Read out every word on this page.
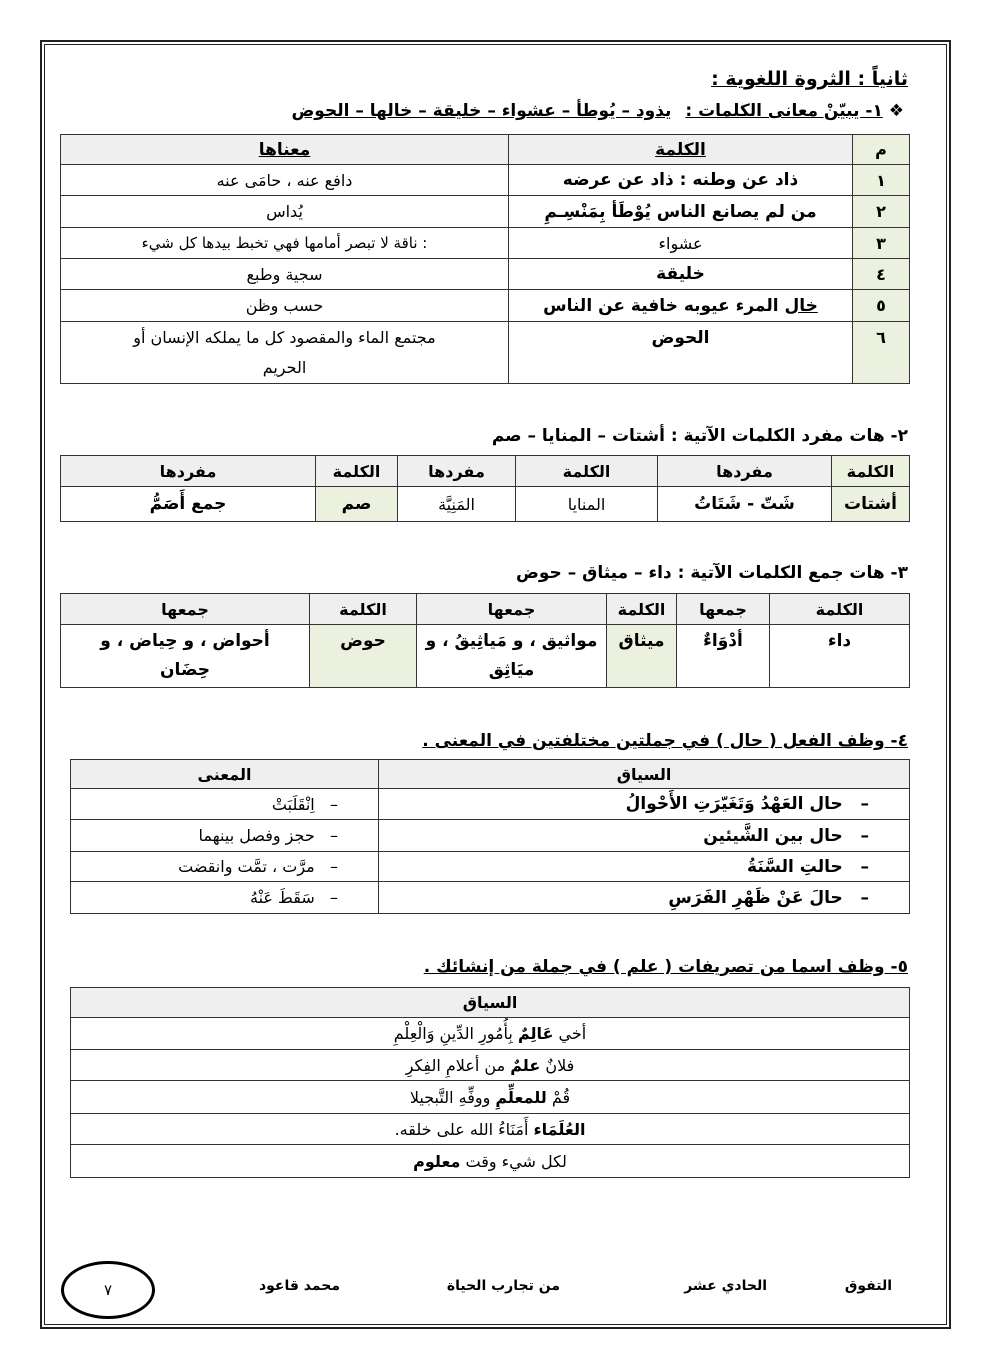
ثانياً : الثروة اللغوية :
❖ ١- يبيّنْ معانى الكلمات : يذود – يُوطأ – عشواء – خليقة – خالها – الحوض
م	الكلمة	معناها
١	ذاد عن وطنه : ذاد عن عرضه	دافع عنه ، حامَى عنه
٢	من لم يصانع الناس يُوْطَأ بِمَنْسِـمِ	يُداس
٣	عشواء	: ناقة لا تبصر أمامها فهي تخبط بيدها كل شيء
٤	خليقة	سجية وطبع
٥	خال المرء عيوبه خافية عن الناس	حسب وظن
٦	الحوض	مجتمع الماء والمقصود كل ما يملكه الإنسان أو الحريم
٢- هات مفرد الكلمات الآتية : أشتات – المنايا – صم
الكلمة	مفردها	الكلمة	مفردها	الكلمة	مفردها
أشتات	شَتّ - شَتَاتُ	المنايا	المَنِيَّة	صم	جمع أَصَمُّ
٣- هات جمع الكلمات الآتية : داء – ميثاق – حوض
الكلمة	جمعها	الكلمة	جمعها	الكلمة	جمعها
داء	أدْوَاءٌ	ميثاق	مواثيق ، و مَياثِيقُ ، و ميَاثِق	حوض	أحواض ، و حِياض ، و حِضَان
٤- وظف الفعل ( حال ) في جملتين مختلفتين في المعنى .
السياق	المعنى
–   حال العَهْدُ وَتَغَيّرَتِ الأَحْوالُ	–   اِنْقَلَبَتْ
–   حال بين الشَّيئين	–   حجز وفصل بينهما
–   حالتِ السَّنَةُ	–   مرَّت ، تمَّت وانقضت
–   حالَ عَنْ ظَهْرِ الفَرَسِ	–   سَقَطَ عَنْهُ
٥- وظف اسما من تصريفات ( علم ) في جملة من إنشائك .
السياق
أخي عَالِمٌ بِأُمُورِ الدِّينِ وَالْعِلْمِ
فلانٌ علمٌ من أعلامِ الفِكرِ
قُمْ للمعلِّمِ ووفِّهِ التَّبجيلا
العُلَمَاء أَمَنَاءُ الله على خلقه.
لكل شيء وقت معلوم
التفوق
الحادي عشر
من تجارب الحياة
محمد قاعود
٧
